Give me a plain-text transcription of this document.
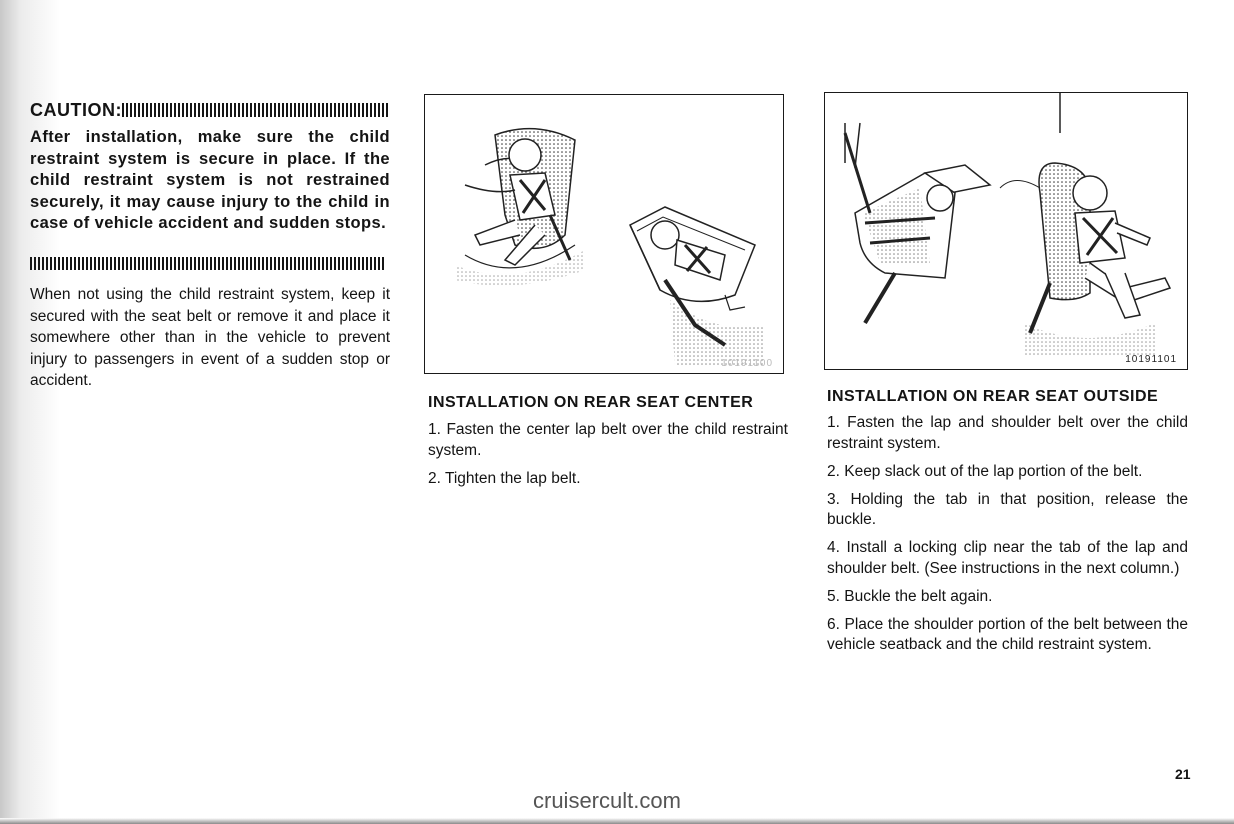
CAUTION:

After installation, make sure the child restraint system is secure in place. If the child restraint system is not restrained securely, it may cause injury to the child in case of vehicle accident and sudden stops.

When not using the child restraint system, keep it secured with the seat belt or remove it and place it somewhere other than in the vehicle to prevent injury to passengers in event of a sudden stop or accident.

10191100	10191101
INSTALLATION ON REAR SEAT CENTER
1. Fasten the center lap belt over the child restraint system.
2. Tighten the lap belt.
INSTALLATION ON REAR SEAT OUTSIDE
1. Fasten the lap and shoulder belt over the child restraint system.
2. Keep slack out of the lap portion of the belt.
3. Holding the tab in that position, release the buckle.
4. Install a locking clip near the tab of the lap and shoulder belt. (See instructions in the next column.)
5. Buckle the belt again.
6. Place the shoulder portion of the belt between the vehicle seatback and the child restraint system.
21
cruisercult.com
